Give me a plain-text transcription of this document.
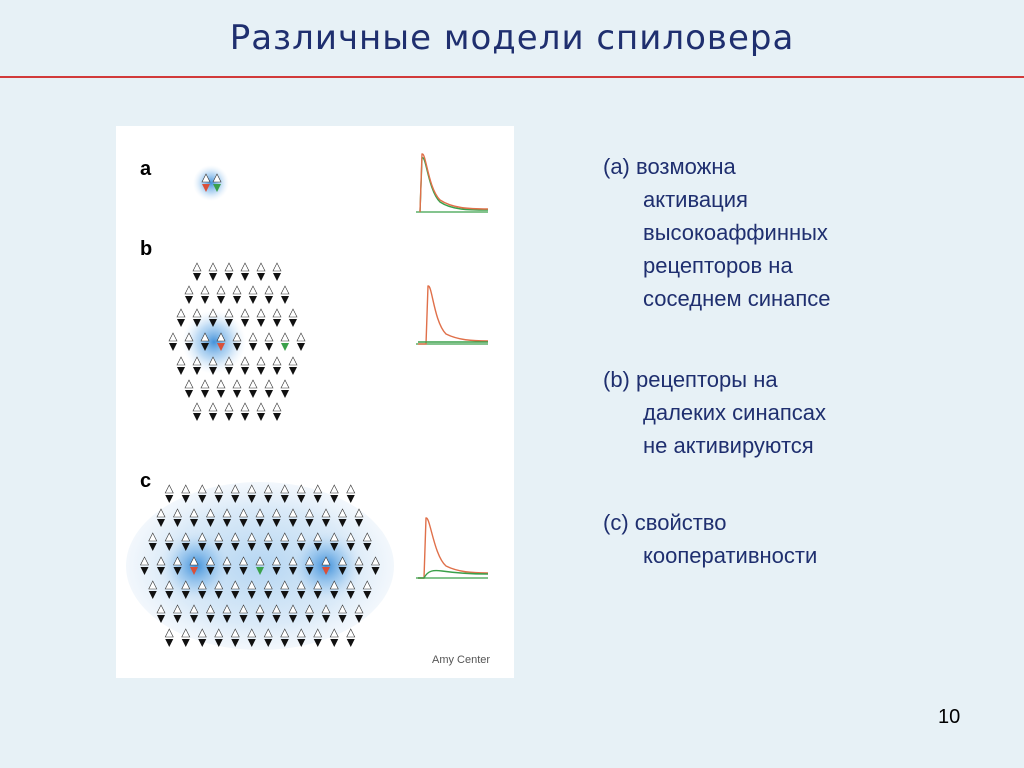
Различные модели спиловера
a
b
c
Amy Center
(a) возможна
активация
высокоаффинных
рецепторов на
соседнем синапсе
(b) рецепторы на
далеких синапсах
не активируются
(c) свойство
кооперативности
10
